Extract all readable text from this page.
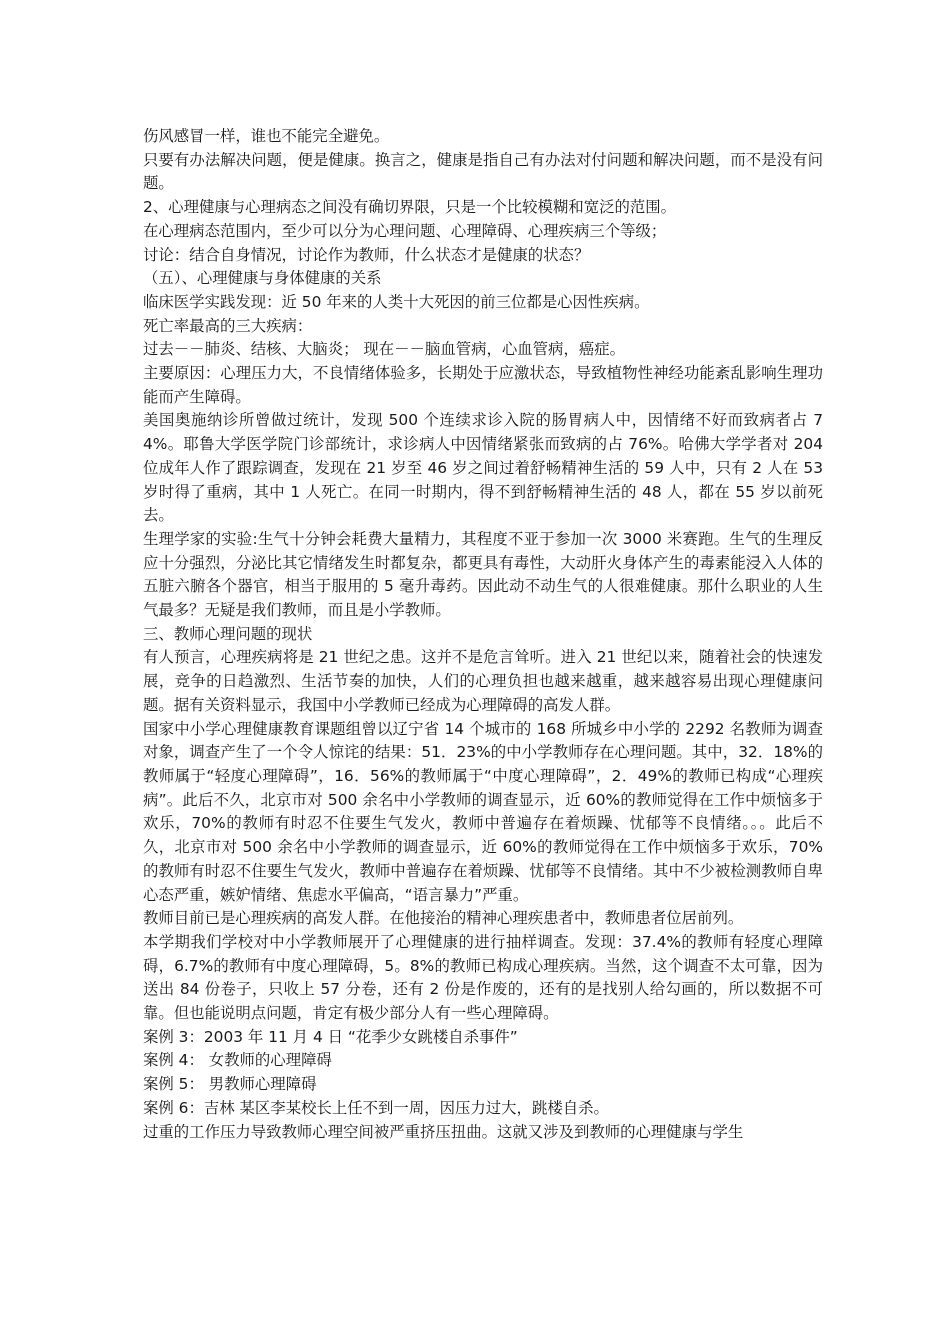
伤风感冒一样，谁也不能完全避免。

只要有办法解决问题，便是健康。换言之，健康是指自己有办法对付问题和解决问题，而不是没有问题。

2、心理健康与心理病态之间没有确切界限，只是一个比较模糊和宽泛的范围。

在心理病态范围内，至少可以分为心理问题、心理障碍、心理疾病三个等级；

讨论：结合自身情况，讨论作为教师，什么状态才是健康的状态？

（五）、心理健康与身体健康的关系

临床医学实践发现：近 50 年来的人类十大死因的前三位都是心因性疾病。

死亡率最高的三大疾病：

过去－－肺炎、结核、大脑炎； 现在－－脑血管病，心血管病，癌症。

主要原因：心理压力大，不良情绪体验多，长期处于应激状态，导致植物性神经功能紊乱影响生理功能而产生障碍。

美国奥施纳诊所曾做过统计，发现 500 个连续求诊入院的肠胃病人中，因情绪不好而致病者占 74%。耶鲁大学医学院门诊部统计，求诊病人中因情绪紧张而致病的占 76%。哈佛大学学者对 204 位成年人作了跟踪调查，发现在 21 岁至 46 岁之间过着舒畅精神生活的 59 人中，只有 2 人在 53 岁时得了重病，其中 1 人死亡。在同一时期内，得不到舒畅精神生活的 48 人，都在 55 岁以前死去。

生理学家的实验:生气十分钟会耗费大量精力，其程度不亚于参加一次 3000 米赛跑。生气的生理反应十分强烈，分泌比其它情绪发生时都复杂，都更具有毒性，大动肝火身体产生的毒素能浸入人体的五脏六腑各个器官，相当于服用的 5 毫升毒药。因此动不动生气的人很难健康。那什么职业的人生气最多？无疑是我们教师，而且是小学教师。

三、教师心理问题的现状

有人预言，心理疾病将是 21 世纪之患。这并不是危言耸听。进入 21 世纪以来，随着社会的快速发展，竞争的日趋激烈、生活节奏的加快，人们的心理负担也越来越重，越来越容易出现心理健康问题。据有关资料显示，我国中小学教师已经成为心理障碍的高发人群。

国家中小学心理健康教育课题组曾以辽宁省 14 个城市的 168 所城乡中小学的 2292 名教师为调查对象，调查产生了一个令人惊诧的结果：51．23%的中小学教师存在心理问题。其中，32．18%的教师属于“轻度心理障碍”，16．56%的教师属于“中度心理障碍”，2．49%的教师已构成“心理疾病”。此后不久，北京市对 500 余名中小学教师的调查显示，近 60%的教师觉得在工作中烦恼多于欢乐，70%的教师有时忍不住要生气发火，教师中普遍存在着烦躁、忧郁等不良情绪。。。此后不久，北京市对 500 余名中小学教师的调查显示，近 60%的教师觉得在工作中烦恼多于欢乐，70%的教师有时忍不住要生气发火，教师中普遍存在着烦躁、忧郁等不良情绪。其中不少被检测教师自卑心态严重，嫉妒情绪、焦虑水平偏高，“语言暴力”严重。

教师目前已是心理疾病的高发人群。在他接治的精神心理疾患者中，教师患者位居前列。

本学期我们学校对中小学教师展开了心理健康的进行抽样调查。发现：37.4%的教师有轻度心理障碍，6.7%的教师有中度心理障碍，5。8%的教师已构成心理疾病。当然，这个调查不太可靠，因为送出 84 份卷子，只收上 57 分卷，还有 2 份是作废的，还有的是找别人给勾画的，所以数据不可靠。但也能说明点问题，肯定有极少部分人有一些心理障碍。

案例 3：2003 年 11 月 4 日 “花季少女跳楼自杀事件”

案例 4： 女教师的心理障碍

案例 5： 男教师心理障碍

案例 6：吉林 某区李某校长上任不到一周，因压力过大，跳楼自杀。

过重的工作压力导致教师心理空间被严重挤压扭曲。这就又涉及到教师的心理健康与学生
